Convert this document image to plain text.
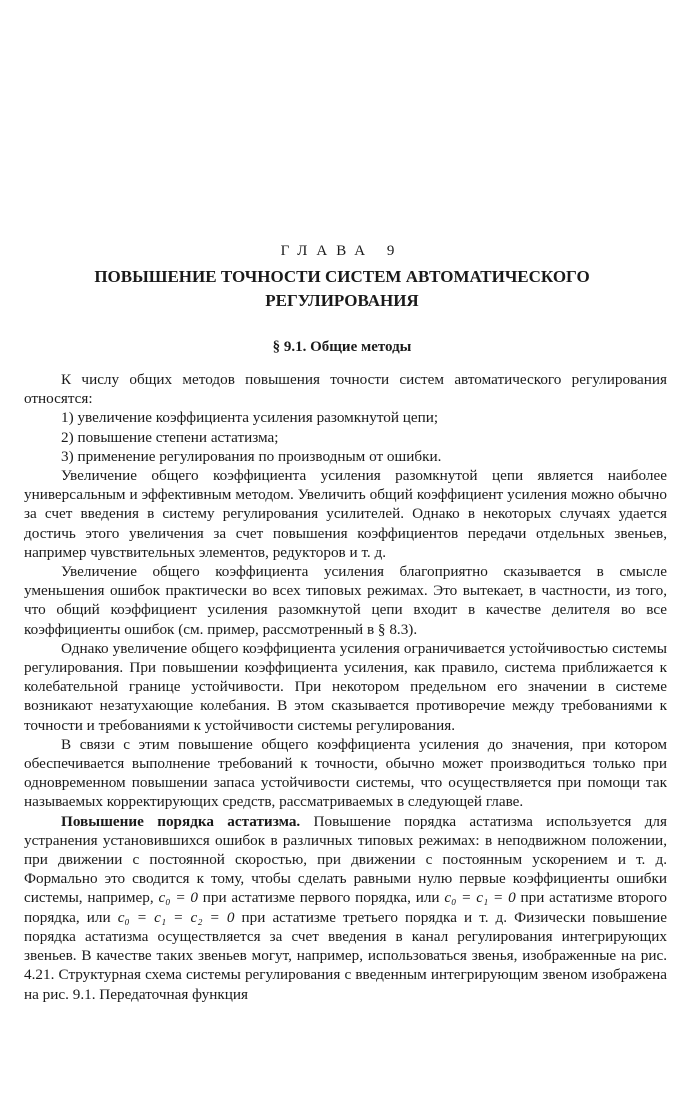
ГЛАВА 9
ПОВЫШЕНИЕ ТОЧНОСТИ СИСТЕМ АВТОМАТИЧЕСКОГО РЕГУЛИРОВАНИЯ
§ 9.1. Общие методы

К числу общих методов повышения точности систем автоматического регулирования относятся:

1) увеличение коэффициента усиления разомкнутой цепи;

2) повышение степени астатизма;

3) применение регулирования по производным от ошибки.

Увеличение общего коэффициента усиления разомкнутой цепи является наиболее универсальным и эффективным методом. Увеличить общий коэффициент усиления можно обычно за счет введения в систему регулирования усилителей. Однако в некоторых случаях удается достичь этого увеличения за счет повышения коэффициентов передачи отдельных звеньев, например чувствительных элементов, редукторов и т. д.

Увеличение общего коэффициента усиления благоприятно сказывается в смысле уменьшения ошибок практически во всех типовых режимах. Это вытекает, в частности, из того, что общий коэффициент усиления разомкнутой цепи входит в качестве делителя во все коэффициенты ошибок (см. пример, рассмотренный в § 8.3).

Однако увеличение общего коэффициента усиления ограничивается устойчивостью системы регулирования. При повышении коэффициента усиления, как правило, система приближается к колебательной границе устойчивости. При некотором предельном его значении в системе возникают незатухающие колебания. В этом сказывается противоречие между требованиями к точности и требованиями к устойчивости системы регулирования.

В связи с этим повышение общего коэффициента усиления до значения, при котором обеспечивается выполнение требований к точности, обычно может производиться только при одновременном повышении запаса устойчивости системы, что осуществляется при помощи так называемых корректирующих средств, рассматриваемых в следующей главе.

Повышение порядка астатизма. Повышение порядка астатизма используется для устранения установившихся ошибок в различных типовых режимах: в неподвижном положении, при движении с постоянной скоростью, при движении с постоянным ускорением и т. д. Формально это сводится к тому, чтобы сделать равными нулю первые коэффициенты ошибки системы, например, c₀ = 0 при астатизме первого порядка, или c₀ = c₁ = 0 при астатизме второго порядка, или c₀ = c₁ = c₂ = 0 при астатизме третьего порядка и т. д. Физически повышение порядка астатизма осуществляется за счет введения в канал регулирования интегрирующих звеньев. В качестве таких звеньев могут, например, использоваться звенья, изображенные на рис. 4.21. Структурная схема системы регулирования с введенным интегрирующим звеном изображена на рис. 9.1. Передаточная функция
